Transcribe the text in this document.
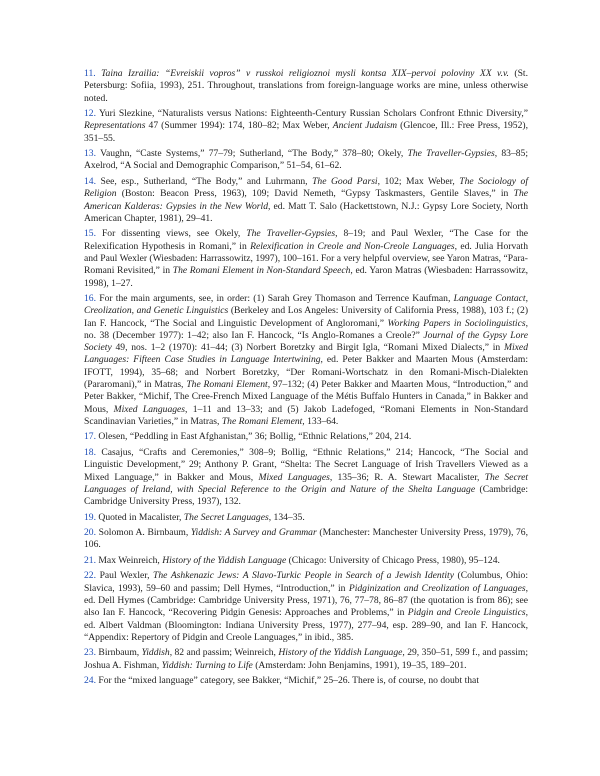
11. Taina Izrailia: “Evreiskii vopros” v russkoi religioznoi mysli kontsa XIX–pervoi poloviny XX v.v. (St. Petersburg: Sofiia, 1993), 251. Throughout, translations from foreign-language works are mine, unless otherwise noted.

12. Yuri Slezkine, “Naturalists versus Nations: Eighteenth-Century Russian Scholars Confront Ethnic Diversity,” Representations 47 (Summer 1994): 174, 180–82; Max Weber, Ancient Judaism (Glencoe, Ill.: Free Press, 1952), 351–55.

13. Vaughn, “Caste Systems,” 77–79; Sutherland, “The Body,” 378–80; Okely, The Traveller-Gypsies, 83–85; Axelrod, “A Social and Demographic Comparison,” 51–54, 61–62.

14. See, esp., Sutherland, “The Body,” and Luhrmann, The Good Parsi, 102; Max Weber, The Sociology of Religion (Boston: Beacon Press, 1963), 109; David Nemeth, “Gypsy Taskmasters, Gentile Slaves,” in The American Kalderas: Gypsies in the New World, ed. Matt T. Salo (Hackettstown, N.J.: Gypsy Lore Society, North American Chapter, 1981), 29–41.

15. For dissenting views, see Okely, The Traveller-Gypsies, 8–19; and Paul Wexler, “The Case for the Relexification Hypothesis in Romani,” in Relexification in Creole and Non-Creole Languages, ed. Julia Horvath and Paul Wexler (Wiesbaden: Harrassowitz, 1997), 100–161. For a very helpful overview, see Yaron Matras, “Para-Romani Revisited,” in The Romani Element in Non-Standard Speech, ed. Yaron Matras (Wiesbaden: Harrassowitz, 1998), 1–27.

16. For the main arguments, see, in order: (1) Sarah Grey Thomason and Terrence Kaufman, Language Contact, Creolization, and Genetic Linguistics (Berkeley and Los Angeles: University of California Press, 1988), 103 f.; (2) Ian F. Hancock, “The Social and Linguistic Development of Angloromani,” Working Papers in Sociolinguistics, no. 38 (December 1977): 1–42; also Ian F. Hancock, “Is Anglo-Romanes a Creole?” Journal of the Gypsy Lore Society 49, nos. 1–2 (1970): 41–44; (3) Norbert Boretzky and Birgit Igla, “Romani Mixed Dialects,” in Mixed Languages: Fifteen Case Studies in Language Intertwining, ed. Peter Bakker and Maarten Mous (Amsterdam: IFOTT, 1994), 35–68; and Norbert Boretzky, “Der Romani-Wortschatz in den Romani-Misch-Dialekten (Pararomani),” in Matras, The Romani Element, 97–132; (4) Peter Bakker and Maarten Mous, “Introduction,” and Peter Bakker, “Michif, The Cree-French Mixed Language of the Métis Buffalo Hunters in Canada,” in Bakker and Mous, Mixed Languages, 1–11 and 13–33; and (5) Jakob Ladefoged, “Romani Elements in Non-Standard Scandinavian Varieties,” in Matras, The Romani Element, 133–64.

17. Olesen, “Peddling in East Afghanistan,” 36; Bollig, “Ethnic Relations,” 204, 214.

18. Casajus, “Crafts and Ceremonies,” 308–9; Bollig, “Ethnic Relations,” 214; Hancock, “The Social and Linguistic Development,” 29; Anthony P. Grant, “Shelta: The Secret Language of Irish Travellers Viewed as a Mixed Language,” in Bakker and Mous, Mixed Languages, 135–36; R. A. Stewart Macalister, The Secret Languages of Ireland, with Special Reference to the Origin and Nature of the Shelta Language (Cambridge: Cambridge University Press, 1937), 132.

19. Quoted in Macalister, The Secret Languages, 134–35.

20. Solomon A. Birnbaum, Yiddish: A Survey and Grammar (Manchester: Manchester University Press, 1979), 76, 106.

21. Max Weinreich, History of the Yiddish Language (Chicago: University of Chicago Press, 1980), 95–124.

22. Paul Wexler, The Ashkenazic Jews: A Slavo-Turkic People in Search of a Jewish Identity (Columbus, Ohio: Slavica, 1993), 59–60 and passim; Dell Hymes, “Introduction,” in Pidginization and Creolization of Languages, ed. Dell Hymes (Cambridge: Cambridge University Press, 1971), 76, 77–78, 86–87 (the quotation is from 86); see also Ian F. Hancock, “Recovering Pidgin Genesis: Approaches and Problems,” in Pidgin and Creole Linguistics, ed. Albert Valdman (Bloomington: Indiana University Press, 1977), 277–94, esp. 289–90, and Ian F. Hancock, “Appendix: Repertory of Pidgin and Creole Languages,” in ibid., 385.

23. Birnbaum, Yiddish, 82 and passim; Weinreich, History of the Yiddish Language, 29, 350–51, 599 f., and passim; Joshua A. Fishman, Yiddish: Turning to Life (Amsterdam: John Benjamins, 1991), 19–35, 189–201.

24. For the “mixed language” category, see Bakker, “Michif,” 25–26. There is, of course, no doubt that
